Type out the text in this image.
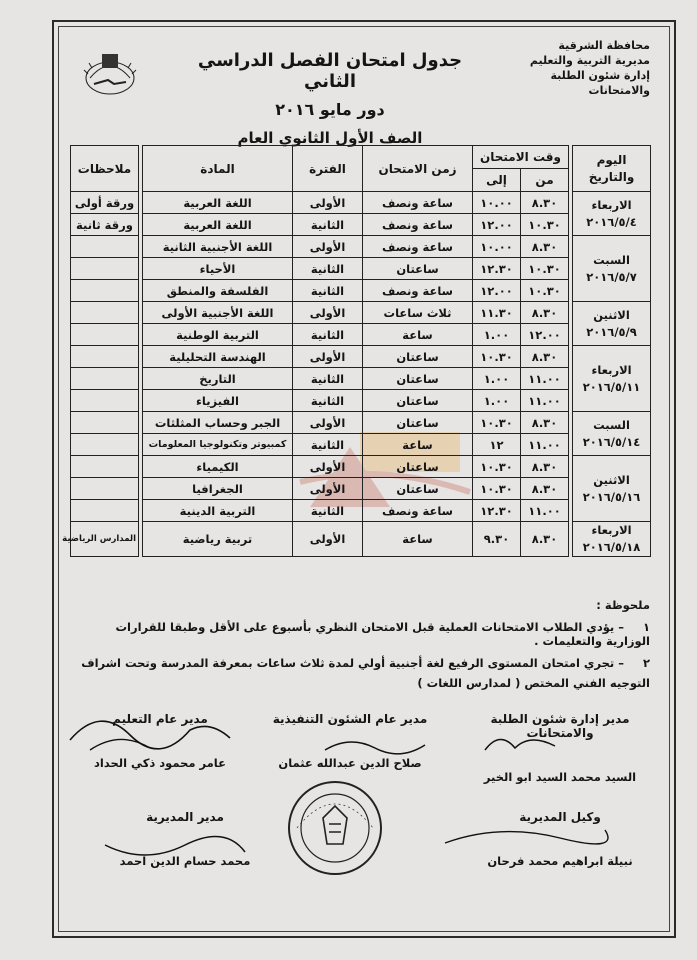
محافظة الشرقية
مديرية التربية والتعليم
إدارة شئون الطلبة والامتحانات
جدول امتحان الفصل الدراسي الثاني
دور مايو ٢٠١٦
الصف الأول الثانوي العام
اليوم والتاريخ		وقت الامتحان		زمن الامتحان	الفترة	المادة		ملاحظات
		من	إلى					

الاربعاء
٢٠١٦/٥/٤		٨.٣٠	١٠.٠٠	ساعة ونصف	الأولى	اللغة العربية		ورقة أولى
		١٠.٣٠	١٢.٠٠	ساعة ونصف	الثانية	اللغة العربية		ورقة ثانية

السبت
٢٠١٦/٥/٧		٨.٣٠	١٠.٠٠	ساعة ونصف	الأولى	اللغة الأجنبية الثانية		
		١٠.٣٠	١٢.٣٠	ساعتان	الثانية	الأحياء		
		١٠.٣٠	١٢.٠٠	ساعة ونصف	الثانية	الفلسفة والمنطق		

الاثنين
٢٠١٦/٥/٩		٨.٣٠	١١.٣٠	ثلاث ساعات	الأولى	اللغة الأجنبية الأولى		
		١٢.٠٠	١.٠٠	ساعة	الثانية	التربية الوطنية		

الاربعاء
٢٠١٦/٥/١١		٨.٣٠	١٠.٣٠	ساعتان	الأولى	الهندسة التحليلية		
		١١.٠٠	١.٠٠	ساعتان	الثانية	التاريخ		
		١١.٠٠	١.٠٠	ساعتان	الثانية	الفيزياء		

السبت
٢٠١٦/٥/١٤		٨.٣٠	١٠.٣٠	ساعتان	الأولى	الجبر وحساب المثلثات		
		١١.٠٠	١٢	ساعة	الثانية	كمبيوتر وتكنولوجيا المعلومات		

الاثنين
٢٠١٦/٥/١٦		٨.٣٠	١٠.٣٠	ساعتان	الأولى	الكيمياء		
		٨.٣٠	١٠.٣٠	ساعتان	الأولى	الجغرافيا		
		١١.٠٠	١٢.٣٠	ساعة ونصف	الثانية	التربية الدينية		

الاربعاء
٢٠١٦/٥/١٨		٨.٣٠	٩.٣٠	ساعة	الأولى	تربية رياضية		المدارس الرياضية
ملحوظة :
١– يؤدي الطلاب الامتحانات العملية قبل الامتحان النظري بأسبوع على الأقل وطبقا للقرارات الوزارية والتعليمات .
٢– تجري امتحان المستوى الرفيع لغة أجنبية أولي لمدة ثلاث ساعات بمعرفة المدرسة وتحت اشراف
التوجيه الفني المختص ( لمدارس اللغات )
مدير إدارة شئون الطلبة والامتحانات
السيد محمد السيد ابو الخير
مدير عام الشئون التنفيذية
صلاح الدين عبدالله عثمان
مدير عام التعليم
عامر محمود ذكي الحداد
وكيل المديرية
نبيلة ابراهيم محمد فرحان
مدير المديرية
محمد حسام الدين احمد
